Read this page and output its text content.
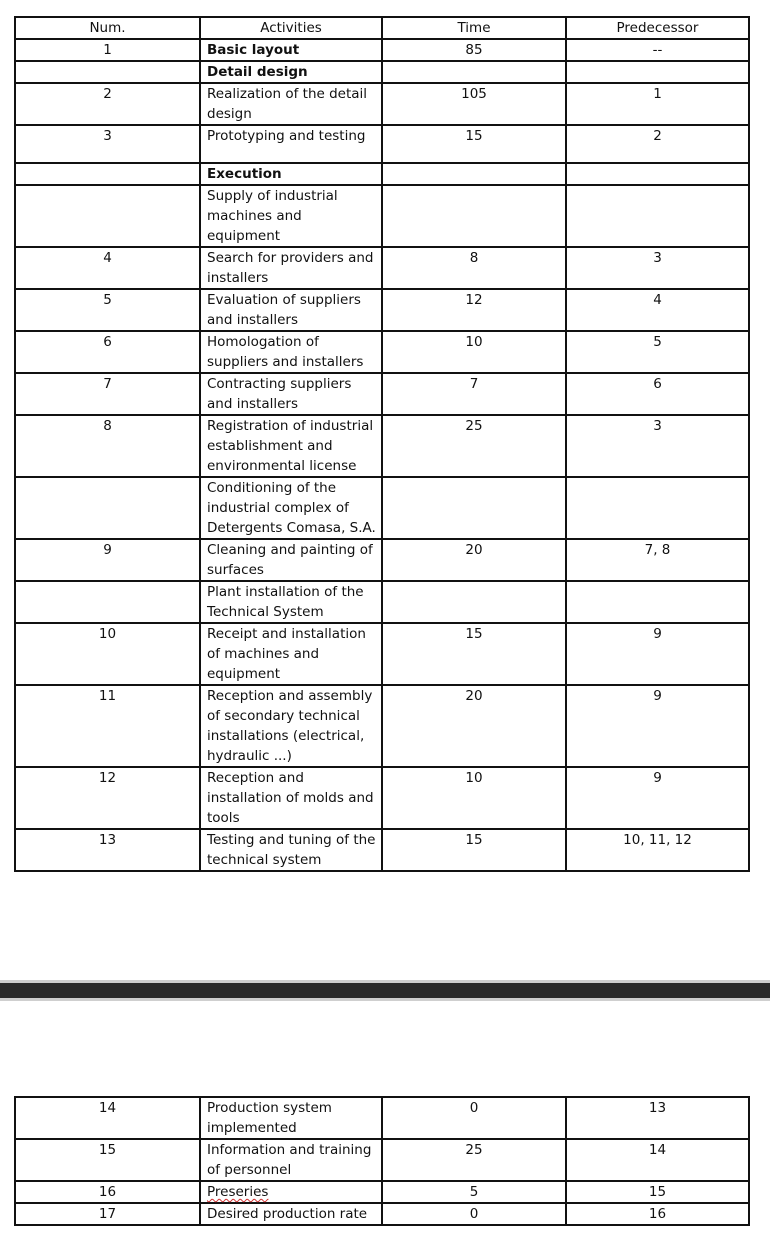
Num.	Activities	Time	Predecessor
1	Basic layout	85	--
	Detail design		
2	Realization of the detail design	105	1
3	Prototyping and testing	15	2
	Execution		
	Supply of industrial machines and equipment		
4	Search for providers and installers	8	3
5	Evaluation of suppliers and installers	12	4
6	Homologation of suppliers and installers	10	5
7	Contracting suppliers and installers	7	6
8	Registration of industrial establishment and environmental license	25	3
	Conditioning of the industrial complex of Detergents Comasa, S.A.		
9	Cleaning and painting of surfaces	20	7, 8
	Plant installation of the Technical System		
10	Receipt and installation of machines and equipment	15	9
11	Reception and assembly of secondary technical installations (electrical, hydraulic ...)	20	9
12	Reception and installation of molds and tools	10	9
13	Testing and tuning of the technical system	15	10, 11, 12
14	Production system implemented	0	13
15	Information and training of personnel	25	14
16	Preseries	5	15
17	Desired production rate	0	16
